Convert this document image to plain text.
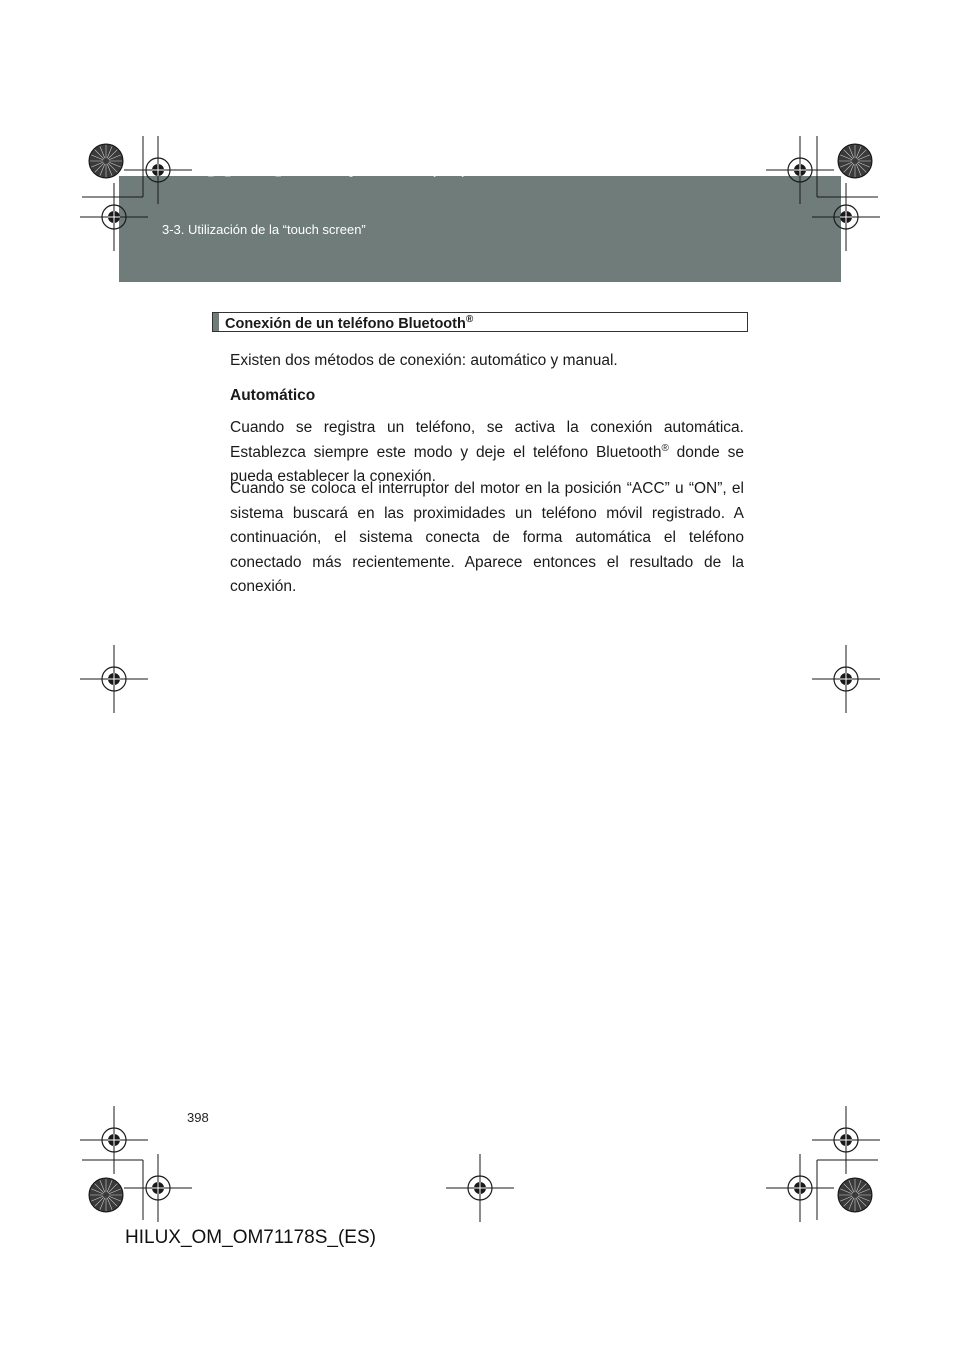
HILUX_OM_OM71178S_(ES).book Page 398 Wednesday, May 16, 2012 3:09 PM
3-3. Utilización de la “touch screen”
Conexión de un teléfono Bluetooth®
Existen dos métodos de conexión: automático y manual.
Automático
Cuando se registra un teléfono, se activa la conexión automática. Establezca siempre este modo y deje el teléfono Bluetooth® donde se pueda establecer la conexión.
Cuando se coloca el interruptor del motor en la posición “ACC” u “ON”, el sistema buscará en las proximidades un teléfono móvil registrado. A continuación, el sistema conecta de forma automática el teléfono conectado más recientemente. Aparece entonces el resultado de la conexión.
398
HILUX_OM_OM71178S_(ES)
